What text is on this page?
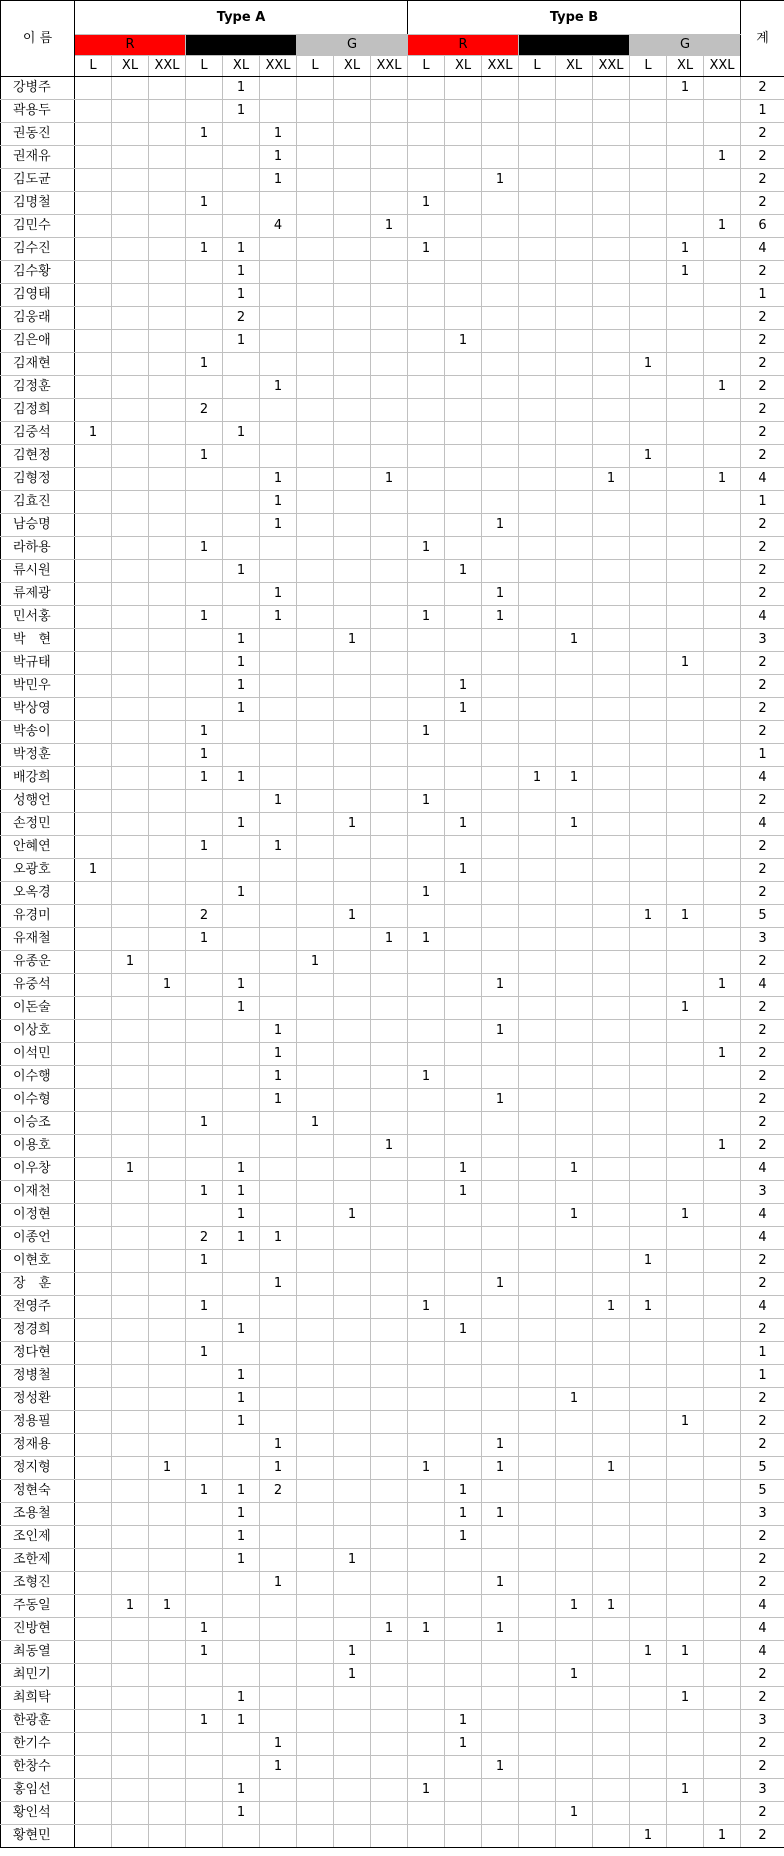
이 름	Type A									Type B									계
	R						G			R						G			
	L	XL	XXL	L	XL	XXL	L	XL	XXL	L	XL	XXL	L	XL	XXL	L	XL	XXL	
강병주					1												1		2
곽용두					1														1
권동진				1		1													2
권재유						1												1	2
김도균						1						1							2
김명철				1						1									2
김민수						4			1									1	6
김수진				1	1					1							1		4
김수황					1												1		2
김영태					1														1
김웅래					2														2
김은애					1						1								2
김재현				1												1			2
김정훈						1												1	2
김정희				2															2
김중석	1				1														2
김현정				1												1			2
김형정						1			1						1			1	4
김효진						1													1
남승명						1						1							2
라하용				1						1									2
류시원					1						1								2
류제광						1						1							2
민서홍				1		1				1		1							4
박　현					1			1						1					3
박규태					1												1		2
박민우					1						1								2
박상영					1						1								2
박송이				1						1									2
박정훈				1															1
배강희				1	1								1	1					4
성행언						1				1									2
손정민					1			1			1			1					4
안혜연				1		1													2
오광호	1										1								2
오옥경					1					1									2
유경미				2				1								1	1		5
유재철				1					1	1									3
유종운		1					1												2
유중석			1		1							1						1	4
이돈술					1												1		2
이상호						1						1							2
이석민						1												1	2
이수행						1				1									2
이수형						1						1							2
이승조				1			1												2
이용호									1									1	2
이우창		1			1						1			1					4
이재천				1	1						1								3
이정현					1			1						1			1		4
이종언				2	1	1													4
이현호				1												1			2
장　훈						1						1							2
전영주				1						1					1	1			4
정경희					1						1								2
정다현				1															1
정병철					1														1
정성환					1									1					2
정용필					1												1		2
정재용						1						1							2
정지형			1			1				1		1			1				5
정현숙				1	1	2					1								5
조용철					1						1	1							3
조인제					1						1								2
조한제					1			1											2
조형진						1						1							2
주동일		1	1											1	1				4
진방현				1					1	1		1							4
최동열				1				1								1	1		4
최민기								1						1					2
최희탁					1												1		2
한광훈				1	1						1								3
한기수						1					1								2
한창수						1						1							2
홍임선					1					1							1		3
황인석					1									1					2
황현민																1		1	2
